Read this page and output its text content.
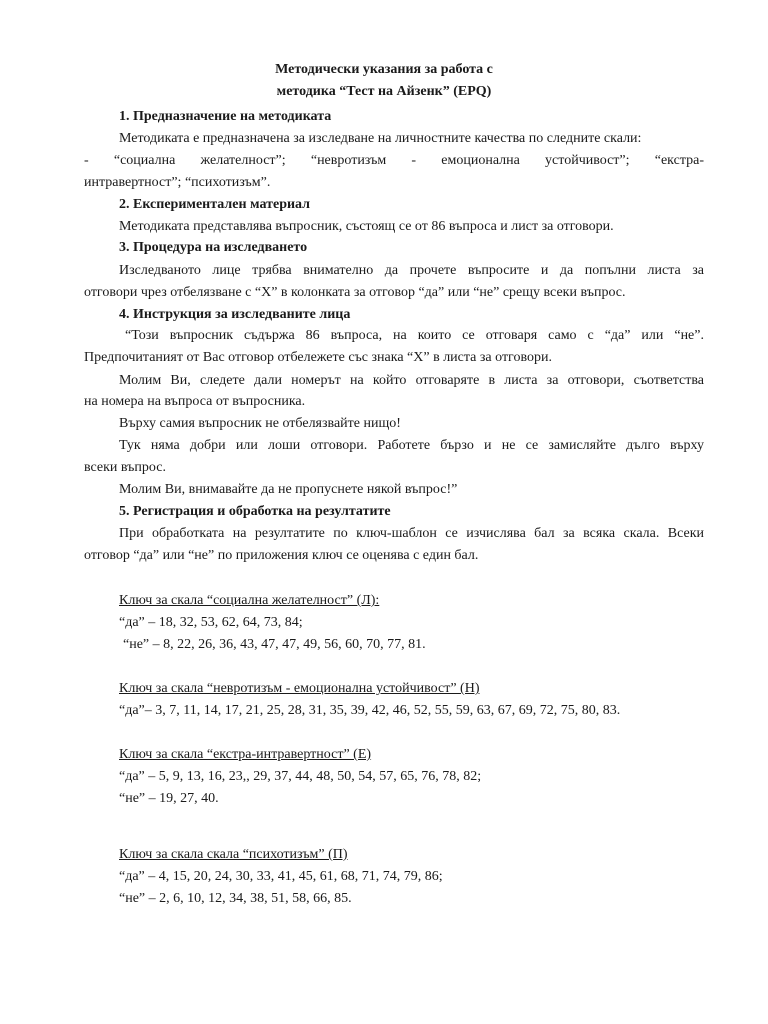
Методически указания за работа с
методика “Тест на Айзенк” (EPQ)
1. Предназначение на методиката
Методиката е предназначена за изследване на личностните качества по следните скали:
- “социална желателност”; “невротизъм - емоционална устойчивост”; “екстра-
интравертност”; “психотизъм”.
2. Експериментален материал
Методиката представлява въпросник, състоящ се от 86 въпроса и лист за отговори.
3. Процедура на изследването
Изследваното лице трябва внимателно да прочете въпросите и да попълни листа за
отговори чрез отбелязване с “Х” в колонката за отговор “да” или “не” срещу всеки въпрос.
4. Инструкция за изследваните лица
“Този въпросник съдържа 86 въпроса, на които се отговаря само с “да” или “не”.
Предпочитаният от Вас отговор отбележете със знака “Х” в листа за отговори.
Молим Ви, следете дали номерът на който отговаряте в листа за отговори, съответства
на номера на въпроса от въпросника.
Върху самия въпросник не отбелязвайте нищо!
Тук няма добри или лоши отговори. Работете бързо и не се замисляйте дълго върху
всеки въпрос.
Молим Ви, внимавайте да не пропуснете някой въпрос!”
5. Регистрация и обработка на резултатите
При обработката на резултатите по ключ-шаблон се изчислява бал за всяка скала. Всеки
отговор “да” или “не” по приложения ключ се оценява с един бал.
Ключ за скала “социална желателност” (Л):
“да” – 18, 32, 53, 62, 64, 73, 84;
“не” – 8, 22, 26, 36, 43, 47, 47, 49, 56, 60, 70, 77, 81.
Ключ за скала “невротизъм - емоционална устойчивост” (Н)
“да”– 3, 7, 11, 14, 17, 21, 25, 28, 31, 35, 39, 42, 46, 52, 55, 59, 63, 67, 69, 72, 75, 80, 83.
Ключ за скала “екстра-интравертност” (Е)
“да” – 5, 9, 13, 16, 23,, 29, 37, 44, 48, 50, 54, 57, 65, 76, 78, 82;
“не” – 19, 27, 40.
Ключ за скала скала “психотизъм” (П)
“да” – 4, 15, 20, 24, 30, 33, 41, 45, 61, 68, 71, 74, 79, 86;
“не” – 2, 6, 10, 12, 34, 38, 51, 58, 66, 85.
